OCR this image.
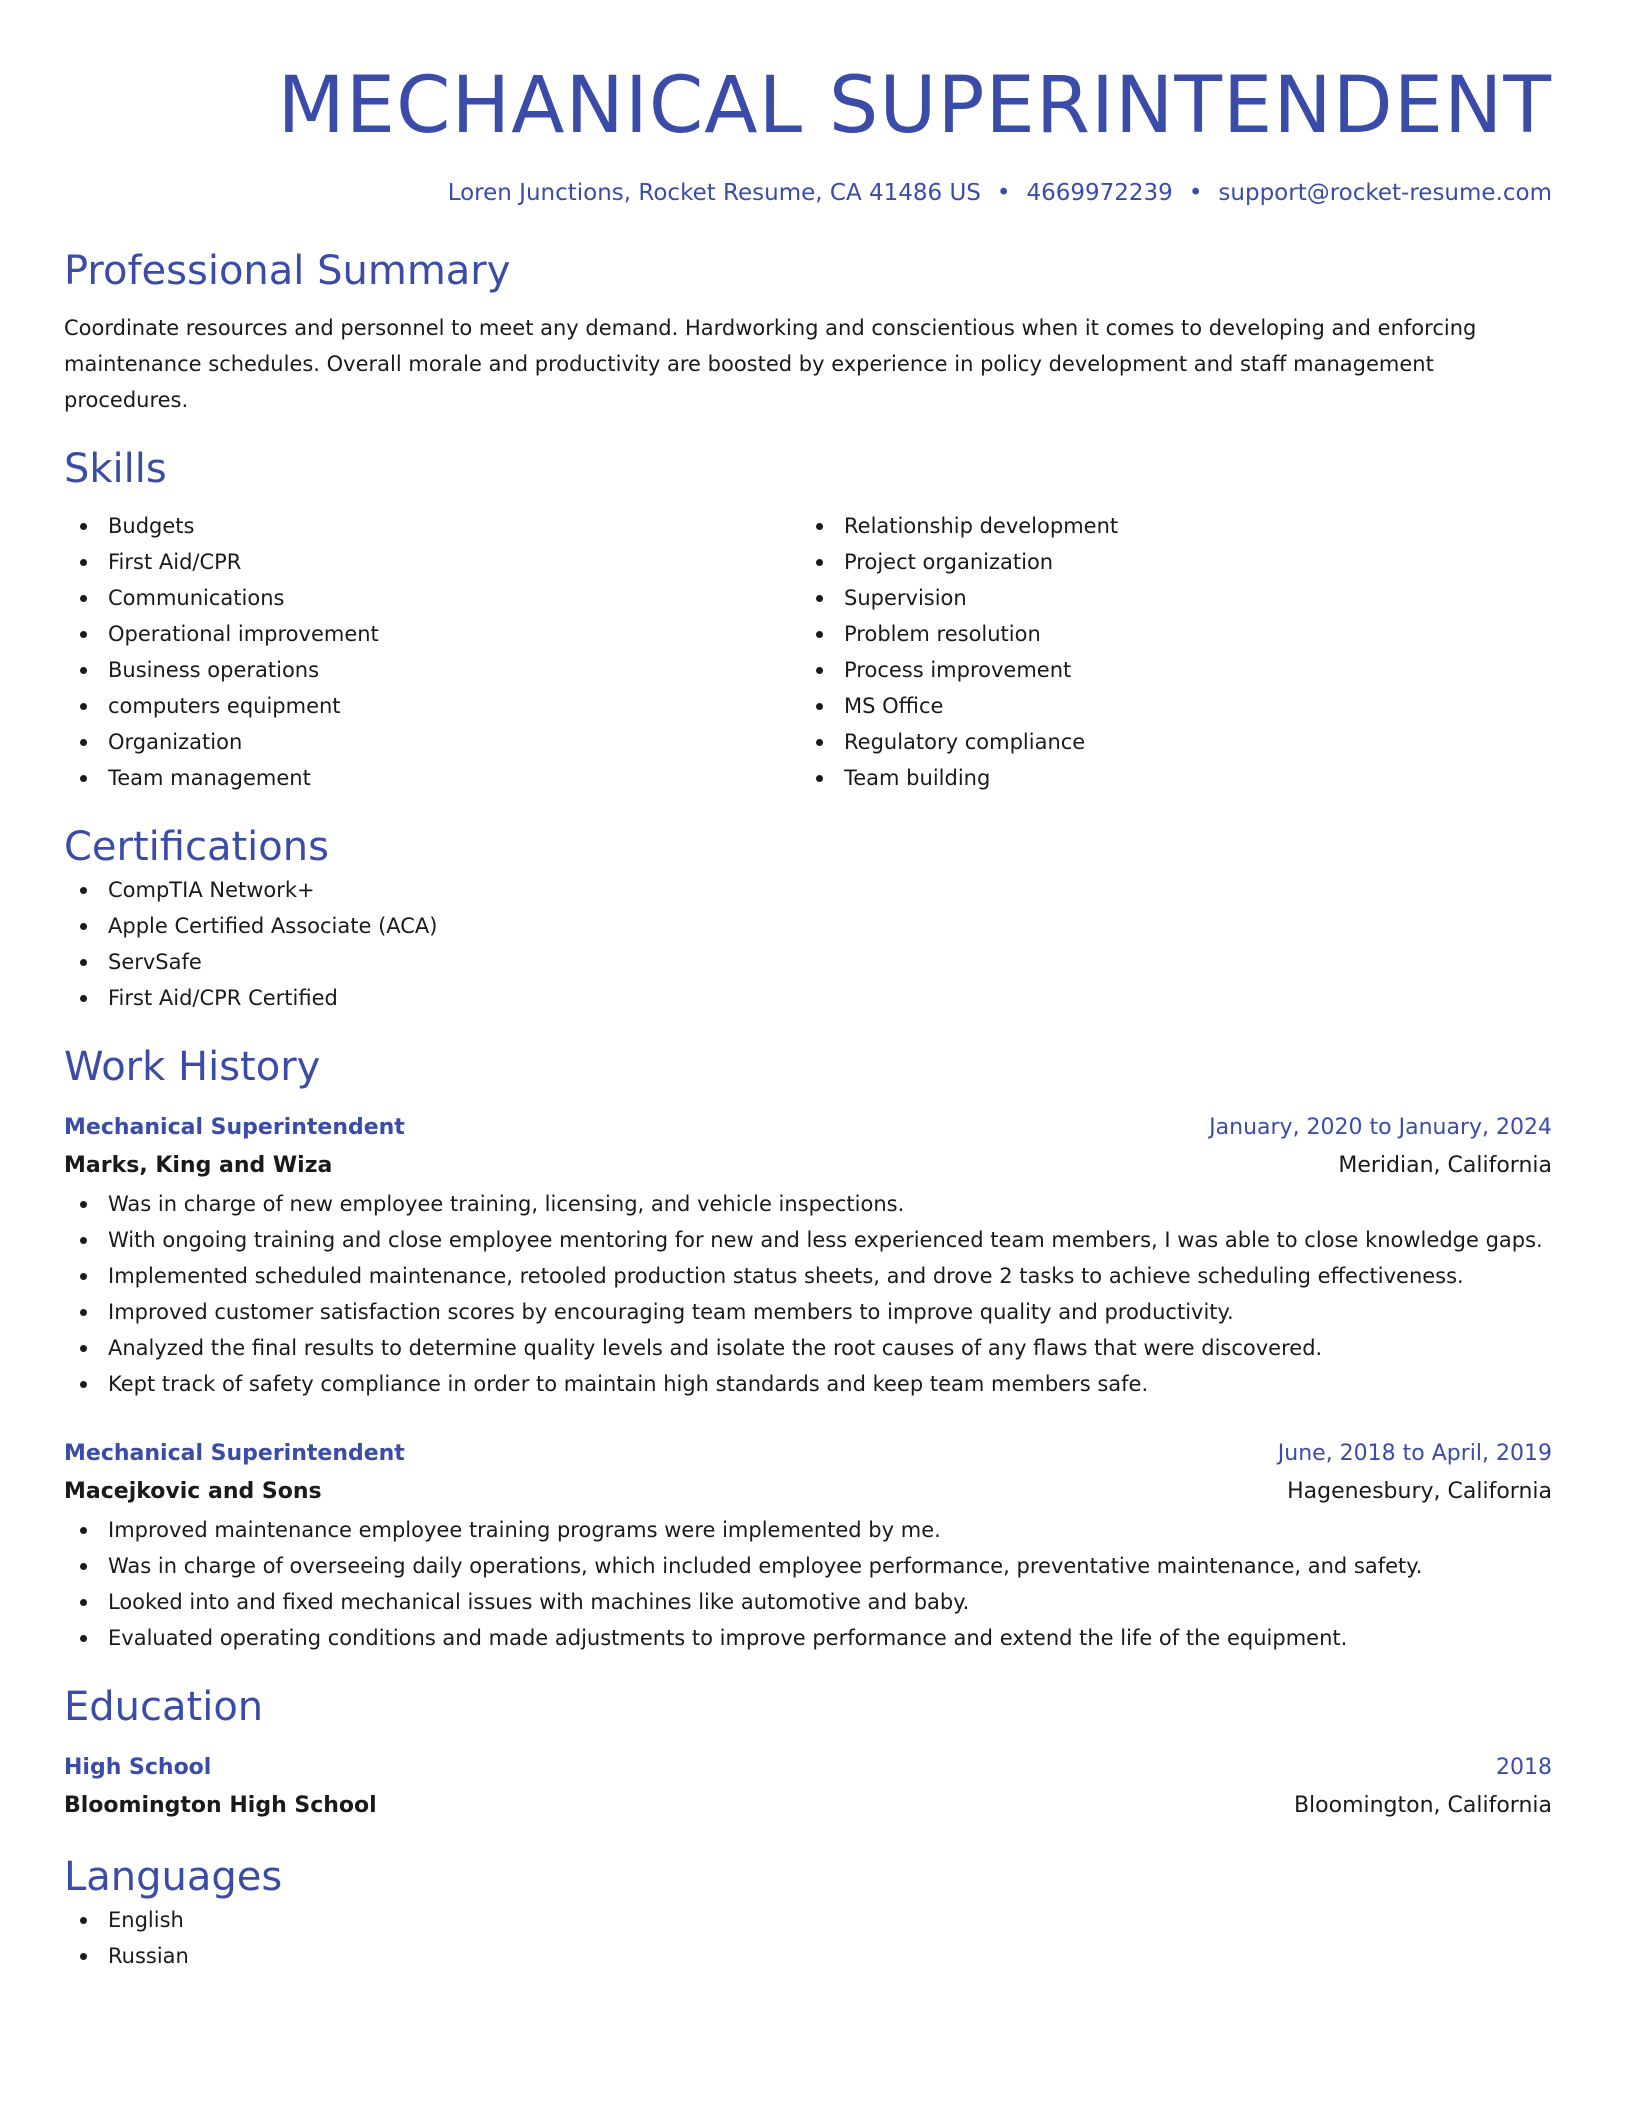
MECHANICAL SUPERINTENDENT
Loren Junctions, Rocket Resume, CA 41486 US • 4669972239 • support@rocket-resume.com
Professional Summary
Coordinate resources and personnel to meet any demand. Hardworking and conscientious when it comes to developing and enforcing maintenance schedules. Overall morale and productivity are boosted by experience in policy development and staff management procedures.
Skills
Budgets
First Aid/CPR
Communications
Operational improvement
Business operations
computers equipment
Organization
Team management
Relationship development
Project organization
Supervision
Problem resolution
Process improvement
MS Office
Regulatory compliance
Team building
Certifications
CompTIA Network+
Apple Certified Associate (ACA)
ServSafe
First Aid/CPR Certified
Work History
Mechanical Superintendent	January, 2020 to January, 2024
Marks, King and Wiza	Meridian, California
Was in charge of new employee training, licensing, and vehicle inspections.
With ongoing training and close employee mentoring for new and less experienced team members, I was able to close knowledge gaps.
Implemented scheduled maintenance, retooled production status sheets, and drove 2 tasks to achieve scheduling effectiveness.
Improved customer satisfaction scores by encouraging team members to improve quality and productivity.
Analyzed the final results to determine quality levels and isolate the root causes of any flaws that were discovered.
Kept track of safety compliance in order to maintain high standards and keep team members safe.
Mechanical Superintendent	June, 2018 to April, 2019
Macejkovic and Sons	Hagenesbury, California
Improved maintenance employee training programs were implemented by me.
Was in charge of overseeing daily operations, which included employee performance, preventative maintenance, and safety.
Looked into and fixed mechanical issues with machines like automotive and baby.
Evaluated operating conditions and made adjustments to improve performance and extend the life of the equipment.
Education
High School	2018
Bloomington High School	Bloomington, California
Languages
English
Russian
